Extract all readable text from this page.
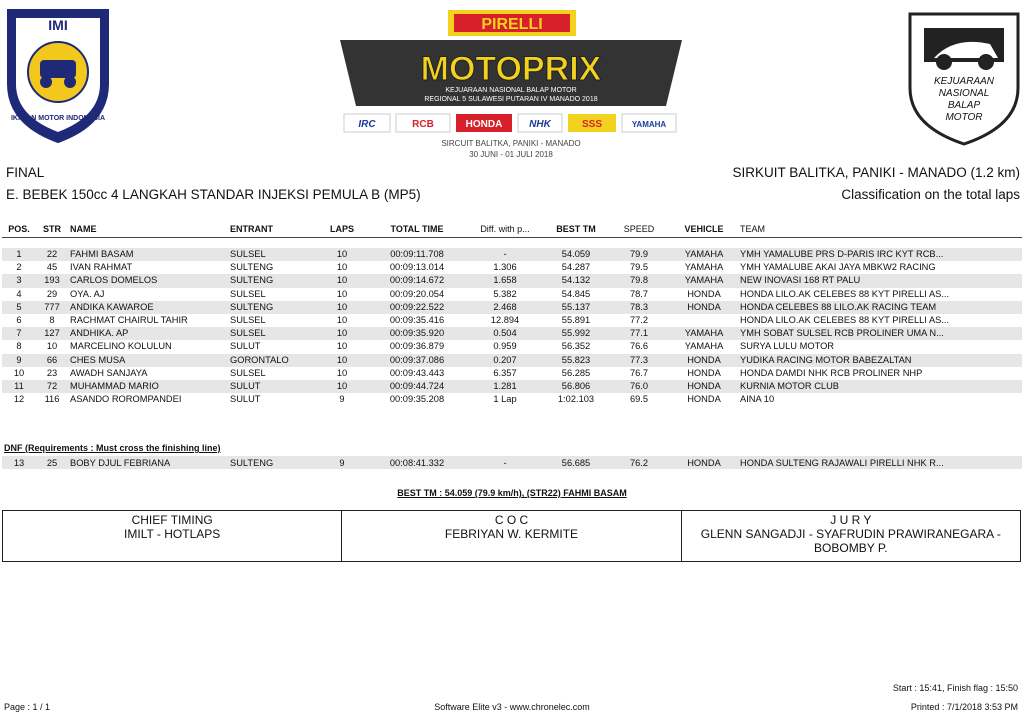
IMI
IKATAN MOTOR INDONESIA
PIRELLI
MOTOPRIX
KEJUARAAN NASIONAL BALAP MOTOR
REGIONAL 5 SULAWESI PUTARAN IV MANADO 2018
IRC	RCB	HONDA	NHK	SSS	YAMAHA
SIRCUIT BALITKA, PANIKI - MANADO
30 JUNI - 01 JULI 2018
KEJUARAAN
NASIONAL
BALAP
MOTOR
FINAL
E. BEBEK 150cc 4 LANGKAH STANDAR INJEKSI PEMULA B (MP5)
SIRKUIT BALITKA, PANIKI - MANADO (1.2 km)
Classification on the total laps
POS.	STR	NAME	ENTRANT	LAPS	TOTAL TIME	Diff. with p...	BEST TM	SPEED	VEHICLE	TEAM

1	22	FAHMI BASAM	SULSEL	10	00:09:11.708	-	54.059	79.9	YAMAHA	YMH YAMALUBE PRS D-PARIS IRC KYT RCB...
2	45	IVAN RAHMAT	SULTENG	10	00:09:13.014	1.306	54.287	79.5	YAMAHA	YMH YAMALUBE AKAI JAYA MBKW2 RACING
3	193	CARLOS DOMELOS	SULTENG	10	00:09:14.672	1.658	54.132	79.8	YAMAHA	NEW INOVASI 168 RT PALU
4	29	OYA. AJ	SULSEL	10	00:09:20.054	5.382	54.845	78.7	HONDA	HONDA LILO.AK CELEBES 88 KYT PIRELLI AS...
5	777	ANDIKA KAWAROE	SULTENG	10	00:09:22.522	2.468	55.137	78.3	HONDA	HONDA CELEBES 88 LILO.AK RACING TEAM
6	8	RACHMAT CHAIRUL TAHIR	SULSEL	10	00:09:35.416	12.894	55.891	77.2		HONDA LILO.AK CELEBES 88 KYT PIRELLI AS...
7	127	ANDHIKA. AP	SULSEL	10	00:09:35.920	0.504	55.992	77.1	YAMAHA	YMH SOBAT SULSEL RCB PROLINER UMA N...
8	10	MARCELINO KOLULUN	SULUT	10	00:09:36.879	0.959	56.352	76.6	YAMAHA	SURYA LULU MOTOR
9	66	CHES MUSA	GORONTALO	10	00:09:37.086	0.207	55.823	77.3	HONDA	YUDIKA RACING MOTOR BABEZALTAN
10	23	AWADH SANJAYA	SULSEL	10	00:09:43.443	6.357	56.285	76.7	HONDA	HONDA DAMDI NHK RCB PROLINER NHP
11	72	MUHAMMAD MARIO	SULUT	10	00:09:44.724	1.281	56.806	76.0	HONDA	KURNIA MOTOR CLUB
12	116	ASANDO ROROMPANDEI	SULUT	9	00:09:35.208	1 Lap	1:02.103	69.5	HONDA	AINA 10
DNF (Requirements : Must cross the finishing line)
13	25	BOBY DJUL FEBRIANA	SULTENG	9	00:08:41.332	-	56.685	76.2	HONDA	HONDA SULTENG RAJAWALI PIRELLI NHK R...
BEST TM : 54.059 (79.9 km/h), (STR22) FAHMI BASAM
CHIEF TIMING
IMILT - HOTLAPS

C O C
FEBRIYAN W. KERMITE

J U R Y
GLENN SANGADJI - SYAFRUDIN PRAWIRANEGARA - BOBOMBY P.
Start : 15:41, Finish flag : 15:50
Page : 1 / 1	Software Elite v3 - www.chronelec.com	Printed : 7/1/2018 3:53 PM
